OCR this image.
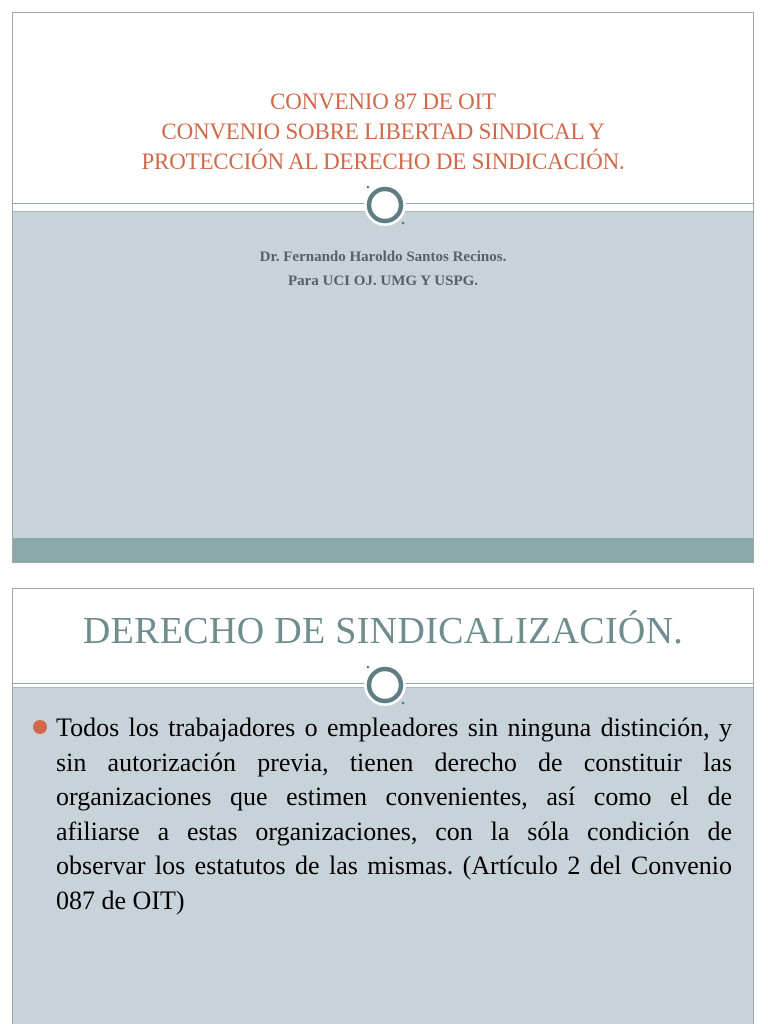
CONVENIO 87 DE OIT
CONVENIO SOBRE LIBERTAD SINDICAL Y
PROTECCIÓN AL DERECHO DE SINDICACIÓN.
Dr. Fernando Haroldo Santos Recinos.
Para UCI OJ. UMG Y USPG.
DERECHO DE SINDICALIZACIÓN.
Todos los trabajadores o empleadores sin ninguna distinción, y sin autorización previa, tienen derecho de constituir las organizaciones que estimen convenientes, así como el de afiliarse a estas organizaciones, con la sóla condición de observar los estatutos de las mismas. (Artículo 2 del Convenio 087 de OIT)
